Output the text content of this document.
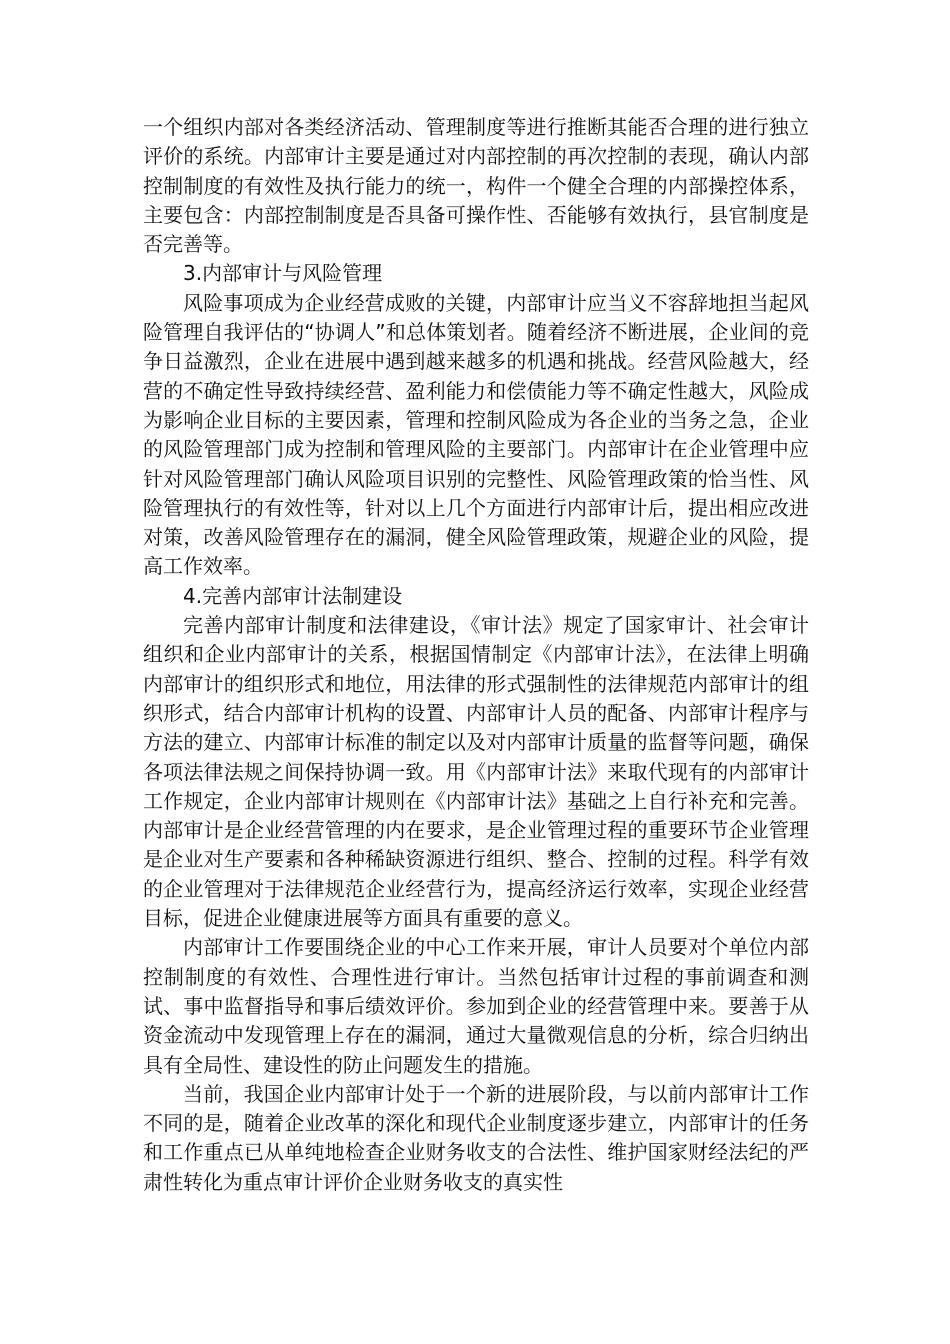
一个组织内部对各类经济活动、管理制度等进行推断其能否合理的进行独立评价的系统。内部审计主要是通过对内部控制的再次控制的表现，确认内部控制制度的有效性及执行能力的统一，构件一个健全合理的内部操控体系，主要包含：内部控制制度是否具备可操作性、否能够有效执行，县官制度是否完善等。

3.内部审计与风险管理

风险事项成为企业经营成败的关键，内部审计应当义不容辞地担当起风险管理自我评估的“协调人”和总体策划者。随着经济不断进展，企业间的竞争日益激烈，企业在进展中遇到越来越多的机遇和挑战。经营风险越大，经营的不确定性导致持续经营、盈利能力和偿债能力等不确定性越大，风险成为影响企业目标的主要因素，管理和控制风险成为各企业的当务之急，企业的风险管理部门成为控制和管理风险的主要部门。内部审计在企业管理中应针对风险管理部门确认风险项目识别的完整性、风险管理政策的恰当性、风险管理执行的有效性等，针对以上几个方面进行内部审计后，提出相应改进对策，改善风险管理存在的漏洞，健全风险管理政策，规避企业的风险，提高工作效率。

4.完善内部审计法制建设

完善内部审计制度和法律建设，《审计法》规定了国家审计、社会审计组织和企业内部审计的关系，根据国情制定《内部审计法》，在法律上明确内部审计的组织形式和地位，用法律的形式强制性的法律规范内部审计的组织形式，结合内部审计机构的设置、内部审计人员的配备、内部审计程序与方法的建立、内部审计标准的制定以及对内部审计质量的监督等问题，确保各项法律法规之间保持协调一致。用《内部审计法》来取代现有的内部审计工作规定，企业内部审计规则在《内部审计法》基础之上自行补充和完善。内部审计是企业经营管理的内在要求，是企业管理过程的重要环节企业管理是企业对生产要素和各种稀缺资源进行组织、整合、控制的过程。科学有效的企业管理对于法律规范企业经营行为，提高经济运行效率，实现企业经营目标，促进企业健康进展等方面具有重要的意义。

内部审计工作要围绕企业的中心工作来开展，审计人员要对个单位内部控制制度的有效性、合理性进行审计。当然包括审计过程的事前调查和测试、事中监督指导和事后绩效评价。参加到企业的经营管理中来。要善于从资金流动中发现管理上存在的漏洞，通过大量微观信息的分析，综合归纳出具有全局性、建设性的防止问题发生的措施。

当前，我国企业内部审计处于一个新的进展阶段，与以前内部审计工作不同的是，随着企业改革的深化和现代企业制度逐步建立，内部审计的任务和工作重点已从单纯地检查企业财务收支的合法性、维护国家财经法纪的严肃性转化为重点审计评价企业财务收支的真实性
